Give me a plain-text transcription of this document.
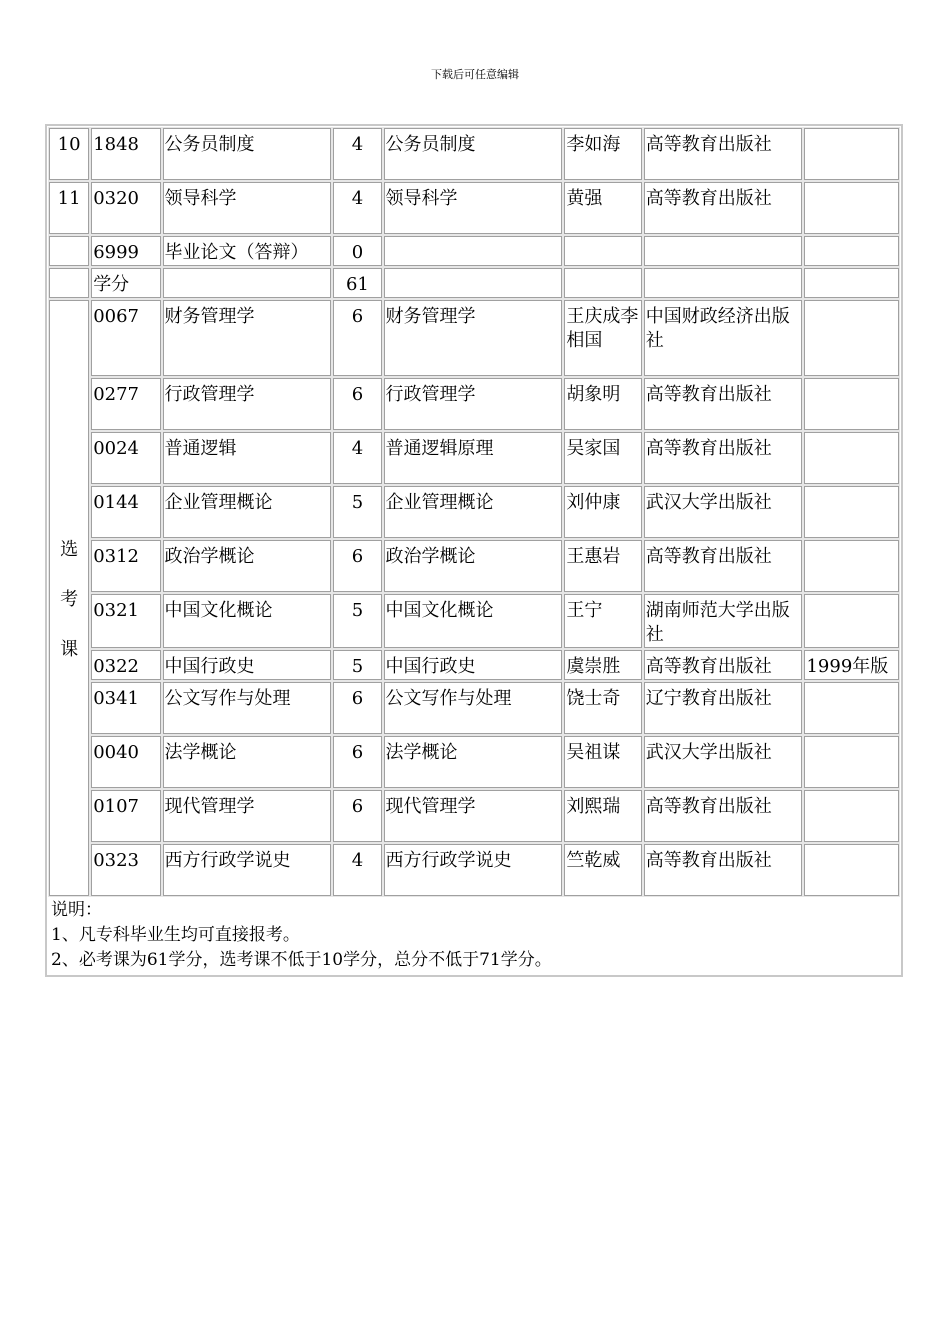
下载后可任意编辑
10	1848	公务员制度	4	公务员制度	李如海	高等教育出版社	
11	0320	领导科学	4	领导科学	黄强	高等教育出版社	
	6999	毕业论文（答辩）	0				
	学分		61				

选
考
课	0067	财务管理学	6	财务管理学	王庆成李相国	中国财政经济出版社	
	0277	行政管理学	6	行政管理学	胡象明	高等教育出版社	
	0024	普通逻辑	4	普通逻辑原理	吴家国	高等教育出版社	
	0144	企业管理概论	5	企业管理概论	刘仲康	武汉大学出版社	
	0312	政治学概论	6	政治学概论	王惠岩	高等教育出版社	
	0321	中国文化概论	5	中国文化概论	王宁	湖南师范大学出版社	
	0322	中国行政史	5	中国行政史	虞崇胜	高等教育出版社	1999年版
	0341	公文写作与处理	6	公文写作与处理	饶士奇	辽宁教育出版社	
	0040	法学概论	6	法学概论	吴祖谋	武汉大学出版社	
	0107	现代管理学	6	现代管理学	刘熙瑞	高等教育出版社	
	0323	西方行政学说史	4	西方行政学说史	竺乾威	高等教育出版社	

说明：
1、凡专科毕业生均可直接报考。
2、必考课为61学分，选考课不低于10学分，总分不低于71学分。							
